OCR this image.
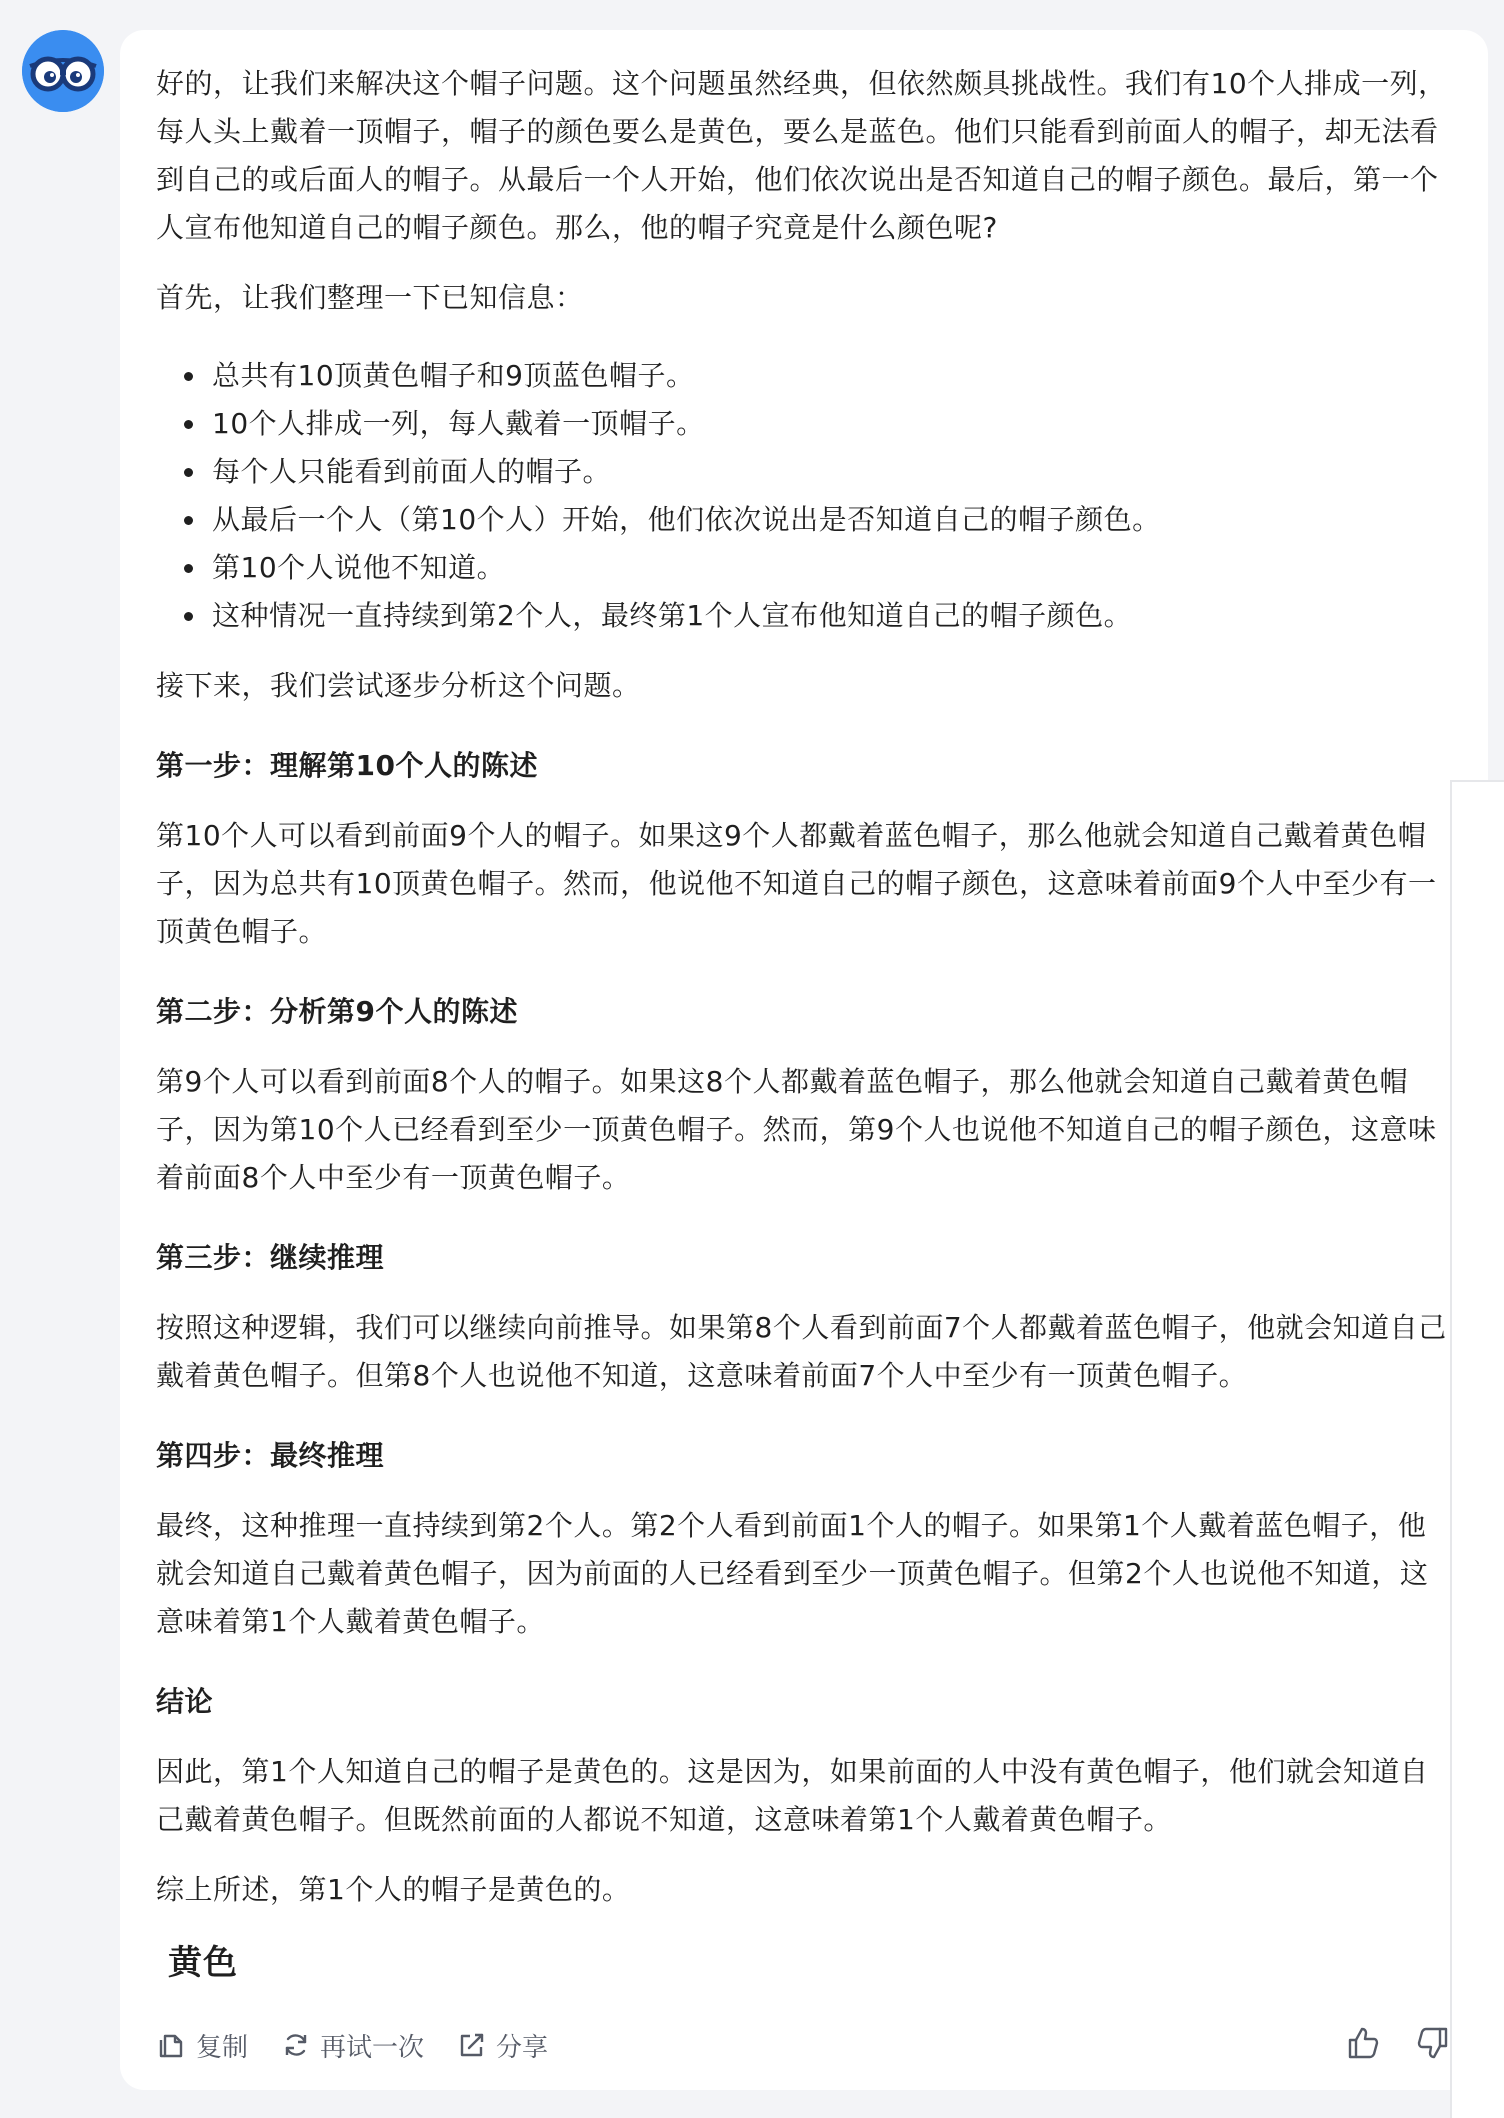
好的，让我们来解决这个帽子问题。这个问题虽然经典，但依然颇具挑战性。我们有10个人排成一列，每人头上戴着一顶帽子，帽子的颜色要么是黄色，要么是蓝色。他们只能看到前面人的帽子，却无法看到自己的或后面人的帽子。从最后一个人开始，他们依次说出是否知道自己的帽子颜色。最后，第一个人宣布他知道自己的帽子颜色。那么，他的帽子究竟是什么颜色呢?

首先，让我们整理一下已知信息：

总共有10顶黄色帽子和9顶蓝色帽子。
10个人排成一列，每人戴着一顶帽子。
每个人只能看到前面人的帽子。
从最后一个人（第10个人）开始，他们依次说出是否知道自己的帽子颜色。
第10个人说他不知道。
这种情况一直持续到第2个人，最终第1个人宣布他知道自己的帽子颜色。

接下来，我们尝试逐步分析这个问题。

第一步：理解第10个人的陈述

第10个人可以看到前面9个人的帽子。如果这9个人都戴着蓝色帽子，那么他就会知道自己戴着黄色帽子，因为总共有10顶黄色帽子。然而，他说他不知道自己的帽子颜色，这意味着前面9个人中至少有一顶黄色帽子。

第二步：分析第9个人的陈述

第9个人可以看到前面8个人的帽子。如果这8个人都戴着蓝色帽子，那么他就会知道自己戴着黄色帽子，因为第10个人已经看到至少一顶黄色帽子。然而，第9个人也说他不知道自己的帽子颜色，这意味着前面8个人中至少有一顶黄色帽子。

第三步：继续推理

按照这种逻辑，我们可以继续向前推导。如果第8个人看到前面7个人都戴着蓝色帽子，他就会知道自己戴着黄色帽子。但第8个人也说他不知道，这意味着前面7个人中至少有一顶黄色帽子。

第四步：最终推理

最终，这种推理一直持续到第2个人。第2个人看到前面1个人的帽子。如果第1个人戴着蓝色帽子，他就会知道自己戴着黄色帽子，因为前面的人已经看到至少一顶黄色帽子。但第2个人也说他不知道，这意味着第1个人戴着黄色帽子。

结论

因此，第1个人知道自己的帽子是黄色的。这是因为，如果前面的人中没有黄色帽子，他们就会知道自己戴着黄色帽子。但既然前面的人都说不知道，这意味着第1个人戴着黄色帽子。

综上所述，第1个人的帽子是黄色的。

黄色
复制	再试一次	分享
